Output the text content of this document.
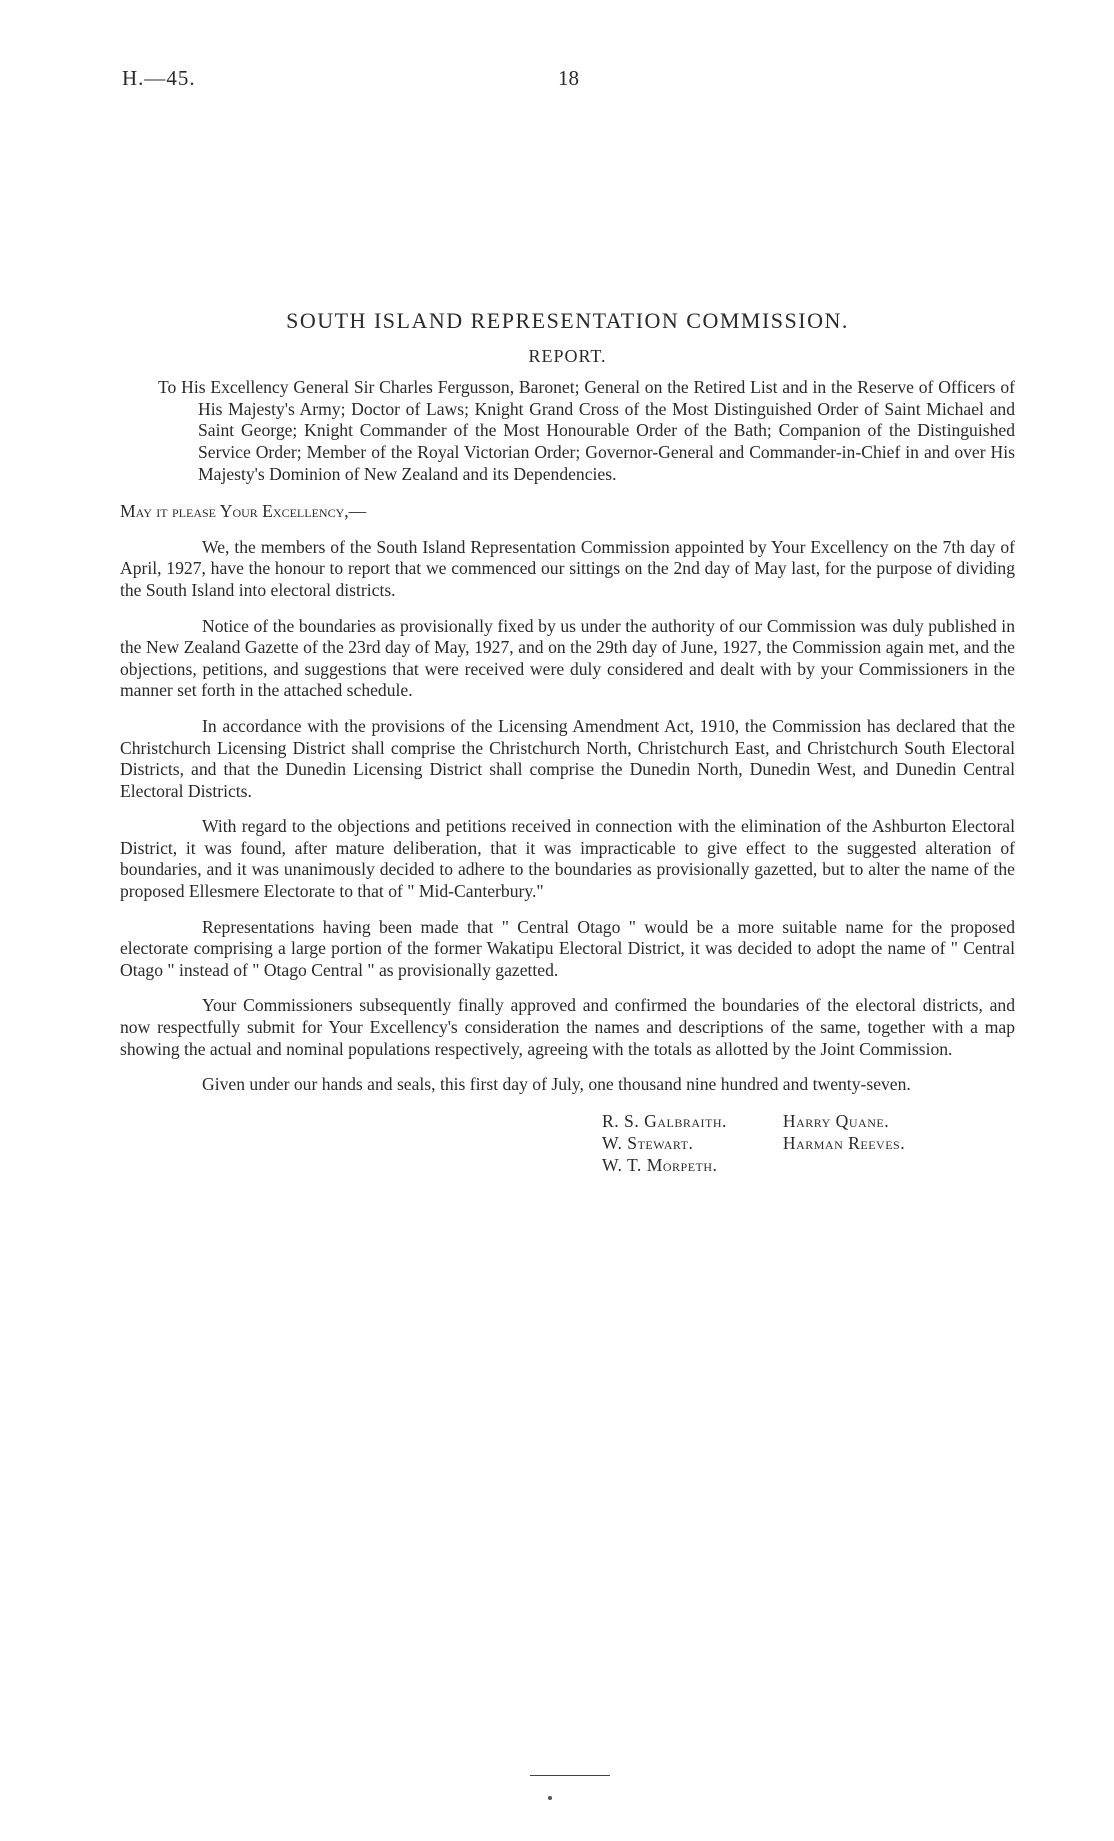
H.—45.	18
SOUTH ISLAND REPRESENTATION COMMISSION.
REPORT.

To His Excellency General Sir Charles Fergusson, Baronet; General on the Retired List and in the Reserve of Officers of His Majesty's Army; Doctor of Laws; Knight Grand Cross of the Most Distinguished Order of Saint Michael and Saint George; Knight Commander of the Most Honourable Order of the Bath; Companion of the Distinguished Service Order; Member of the Royal Victorian Order; Governor-General and Commander-in-Chief in and over His Majesty's Dominion of New Zealand and its Dependencies.

May it please Your Excellency,—

We, the members of the South Island Representation Commission appointed by Your Excellency on the 7th day of April, 1927, have the honour to report that we commenced our sittings on the 2nd day of May last, for the purpose of dividing the South Island into electoral districts.

Notice of the boundaries as provisionally fixed by us under the authority of our Commission was duly published in the New Zealand Gazette of the 23rd day of May, 1927, and on the 29th day of June, 1927, the Commission again met, and the objections, petitions, and suggestions that were received were duly considered and dealt with by your Commissioners in the manner set forth in the attached schedule.

In accordance with the provisions of the Licensing Amendment Act, 1910, the Commission has declared that the Christchurch Licensing District shall comprise the Christchurch North, Christchurch East, and Christchurch South Electoral Districts, and that the Dunedin Licensing District shall comprise the Dunedin North, Dunedin West, and Dunedin Central Electoral Districts.

With regard to the objections and petitions received in connection with the elimination of the Ashburton Electoral District, it was found, after mature deliberation, that it was impracticable to give effect to the suggested alteration of boundaries, and it was unanimously decided to adhere to the boundaries as provisionally gazetted, but to alter the name of the proposed Ellesmere Electorate to that of " Mid-Canterbury."

Representations having been made that " Central Otago " would be a more suitable name for the proposed electorate comprising a large portion of the former Wakatipu Electoral District, it was decided to adopt the name of " Central Otago " instead of " Otago Central " as provisionally gazetted.

Your Commissioners subsequently finally approved and confirmed the boundaries of the electoral districts, and now respectfully submit for Your Excellency's consideration the names and descriptions of the same, together with a map showing the actual and nominal populations respectively, agreeing with the totals as allotted by the Joint Commission.

Given under our hands and seals, this first day of July, one thousand nine hundred and twenty-seven.

R. S. Galbraith.
W. Stewart.
W. T. Morpeth.
Harry Quane.
Harman Reeves.
